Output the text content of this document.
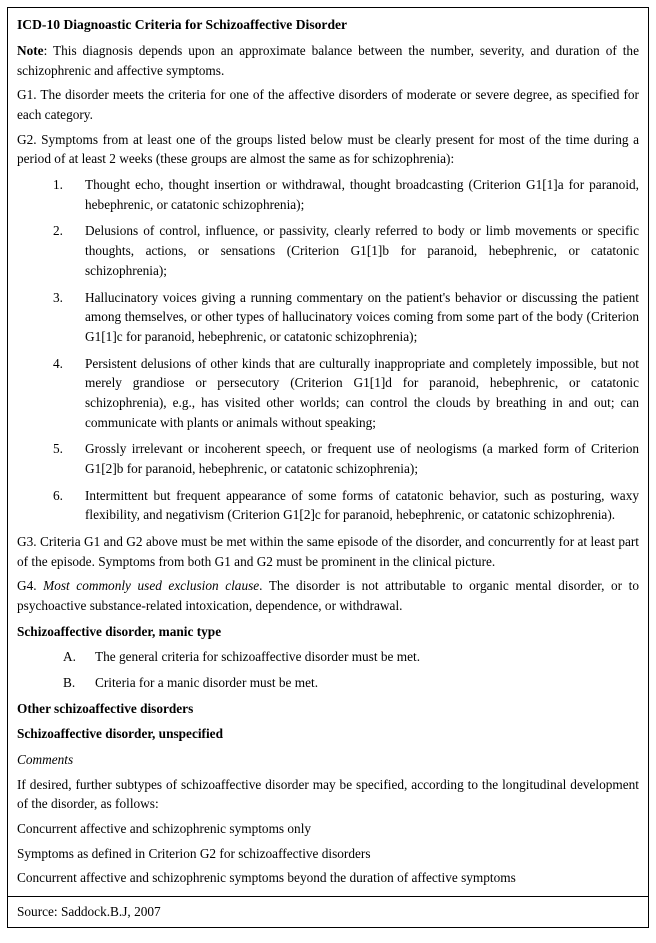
ICD-10 Diagnoastic Criteria for Schizoaffective Disorder

Note: This diagnosis depends upon an approximate balance between the number, severity, and duration of the schizophrenic and affective symptoms.

G1. The disorder meets the criteria for one of the affective disorders of moderate or severe degree, as specified for each category.

G2. Symptoms from at least one of the groups listed below must be clearly present for most of the time during a period of at least 2 weeks (these groups are almost the same as for schizophrenia):

1.	Thought echo, thought insertion or withdrawal, thought broadcasting (Criterion G1[1]a for paranoid, hebephrenic, or catatonic schizophrenia);
2.	Delusions of control, influence, or passivity, clearly referred to body or limb movements or specific thoughts, actions, or sensations (Criterion G1[1]b for paranoid, hebephrenic, or catatonic schizophrenia);
3.	Hallucinatory voices giving a running commentary on the patient's behavior or discussing the patient among themselves, or other types of hallucinatory voices coming from some part of the body (Criterion G1[1]c for paranoid, hebephrenic, or catatonic schizophrenia);
4.	Persistent delusions of other kinds that are culturally inappropriate and completely impossible, but not merely grandiose or persecutory (Criterion G1[1]d for paranoid, hebephrenic, or catatonic schizophrenia), e.g., has visited other worlds; can control the clouds by breathing in and out; can communicate with plants or animals without speaking;
5.	Grossly irrelevant or incoherent speech, or frequent use of neologisms (a marked form of Criterion G1[2]b for paranoid, hebephrenic, or catatonic schizophrenia);
6.	Intermittent but frequent appearance of some forms of catatonic behavior, such as posturing, waxy flexibility, and negativism (Criterion G1[2]c for paranoid, hebephrenic, or catatonic schizophrenia).

G3. Criteria G1 and G2 above must be met within the same episode of the disorder, and concurrently for at least part of the episode. Symptoms from both G1 and G2 must be prominent in the clinical picture.

G4. Most commonly used exclusion clause. The disorder is not attributable to organic mental disorder, or to psychoactive substance-related intoxication, dependence, or withdrawal.

Schizoaffective disorder, manic type

A.	The general criteria for schizoaffective disorder must be met.
B.	Criteria for a manic disorder must be met.

Other schizoaffective disorders

Schizoaffective disorder, unspecified

Comments

If desired, further subtypes of schizoaffective disorder may be specified, according to the longitudinal development of the disorder, as follows:

Concurrent affective and schizophrenic symptoms only

Symptoms as defined in Criterion G2 for schizoaffective disorders

Concurrent affective and schizophrenic symptoms beyond the duration of affective symptoms

Source: Saddock.B.J, 2007
